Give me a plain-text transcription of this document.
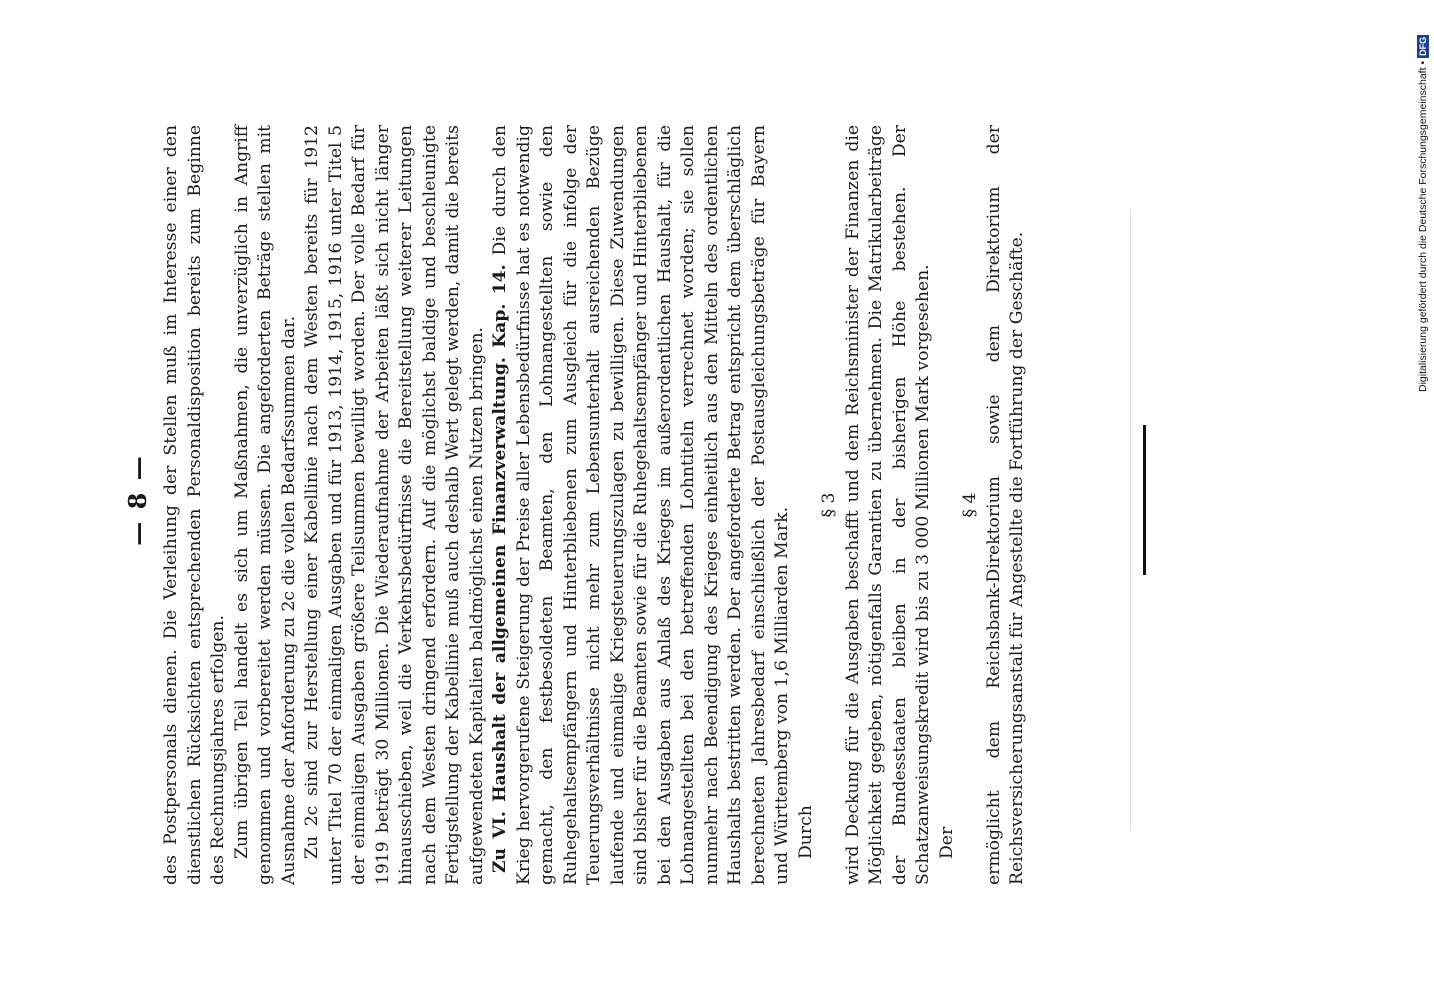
— 8 — des Postpersonals dienen. Die Verleihung der Stellen muß im Interesse einer den dienstlichen Rücksichten entsprechenden Personaldisposition bereits zum Beginne des Rechnungsjahres erfolgen. Zum übrigen Teil handelt es sich um Maßnahmen, die unverzüglich in Angriff genommen und vorbereitet werden müssen. Die angeforderten Beträge stellen mit Ausnahme der Anforderung zu 2c die vollen Bedarfssummen dar. Zu 2c sind zur Herstellung einer Kabellinie nach dem Westen bereits für 1912 unter Titel 70 der einmaligen Ausgaben und für 1913, 1914, 1915, 1916 unter Titel 5 der einmaligen Ausgaben größere Teilsummen bewilligt worden. Der volle Bedarf für 1919 beträgt 30 Millionen. Die Wiederaufnahme der Arbeiten läßt sich nicht länger hinausschieben, weil die Verkehrsbedürfnisse die Bereitstellung weiterer Leitungen nach dem Westen dringend erfordern. Auf die möglichst baldige und beschleunigte Fertigstellung der Kabellinie muß auch deshalb Wert gelegt werden, damit die bereits aufgewendeten Kapitalien baldmöglichst einen Nutzen bringen. Zu VI. Haushalt der allgemeinen Finanzverwaltung. Kap. 14. Die durch den Krieg hervorgerufene Steigerung der Preise aller Lebensbedürfnisse hat es notwendig gemacht, den festbesoldeten Beamten, den Lohnangestellten sowie den Ruhegehaltsempfängern und Hinterbliebenen zum Ausgleich für die infolge der Teuerungsverhältnisse nicht mehr zum Lebensunterhalt ausreichenden Bezüge laufende und einmalige Kriegsteuerungszulagen zu bewilligen. Diese Zuwendungen sind bisher für die Beamten sowie für die Ruhegehaltsempfänger und Hinterbliebenen bei den Ausgaben aus Anlaß des Krieges im außerordentlichen Haushalt, für die Lohnangestellten bei den betreffenden Lohntiteln verrechnet worden; sie sollen nunmehr nach Beendigung des Krieges einheitlich aus den Mitteln des ordentlichen Haushalts bestritten werden. Der angeforderte Betrag entspricht dem überschläglich berechneten Jahresbedarf einschließlich der Postausgleichungsbeträge für Bayern und Württemberg von 1,6 Milliarden Mark. Durch

§ 3 wird Deckung für die Ausgaben beschafft und dem Reichsminister der Finanzen die Möglichkeit gegeben, nötigenfalls Garantien zu übernehmen. Die Matrikularbeiträge der Bundesstaaten bleiben in der bisherigen Höhe bestehen. Der Schatzanweisungskredit wird bis zu 3 000 Millionen Mark vorgesehen. Der

§ 4 ermöglicht dem Reichsbank-Direktorium sowie dem Direktorium der Reichsversicherungsanstalt für Angestellte die Fortführung der Geschäfte.

Digitalisierung gefördert durch die Deutsche Forschungsgemeinschaft •
DFG
